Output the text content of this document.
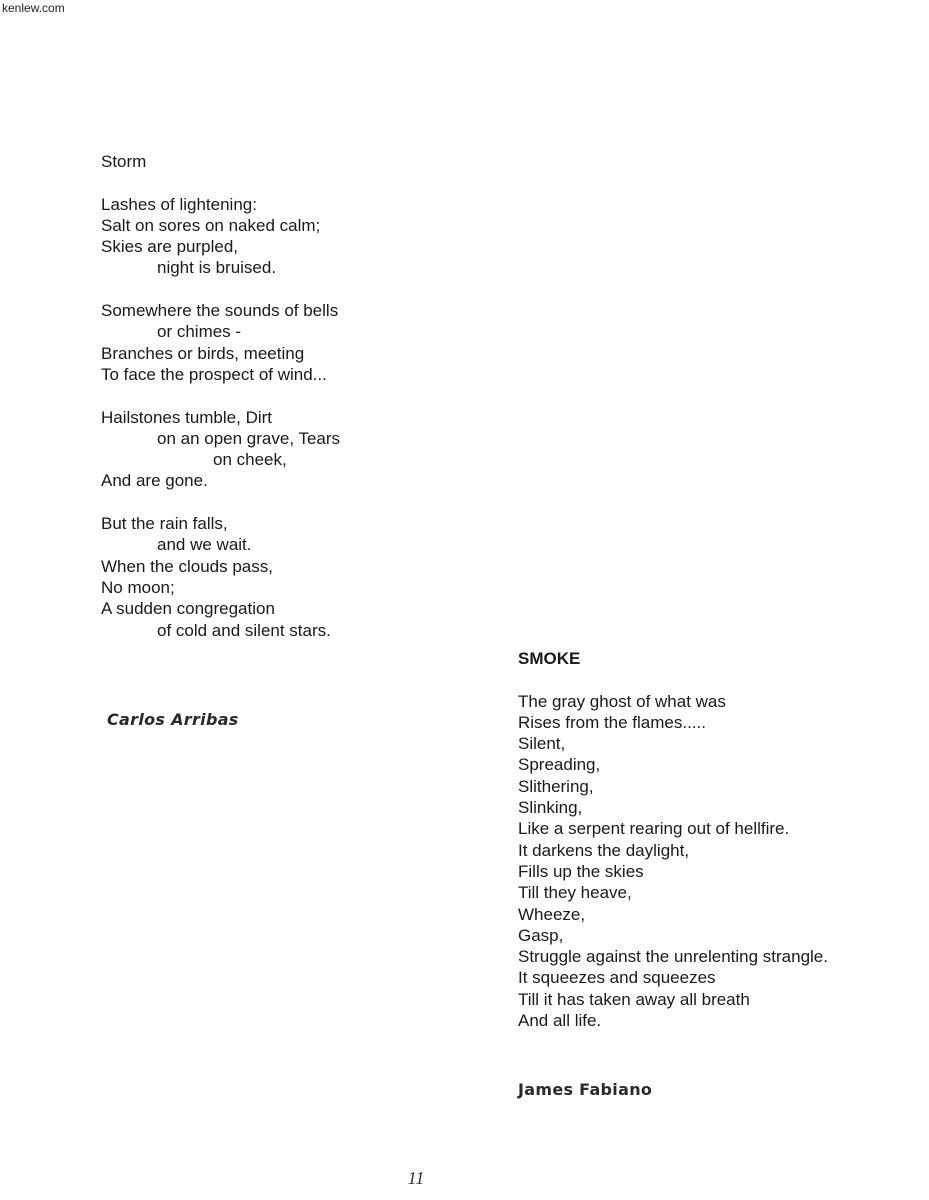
kenlew.com
Storm
Lashes of lightening:
Salt on sores on naked calm;
Skies are purpled,
night is bruised.
Somewhere the sounds of bells
or chimes -
Branches or birds, meeting
To face the prospect of wind...
Hailstones tumble, Dirt
on an open grave, Tears
on cheek,
And are gone.
But the rain falls,
and we wait.
When the clouds pass,
No moon;
A sudden congregation
of cold and silent stars.
Carlos Arribas
SMOKE
The gray ghost of what was
Rises from the flames.....
Silent,
Spreading,
Slithering,
Slinking,
Like a serpent rearing out of hellfire.
It darkens the daylight,
Fills up the skies
Till they heave,
Wheeze,
Gasp,
Struggle against the unrelenting strangle.
It squeezes and squeezes
Till it has taken away all breath
And all life.
James Fabiano
11
